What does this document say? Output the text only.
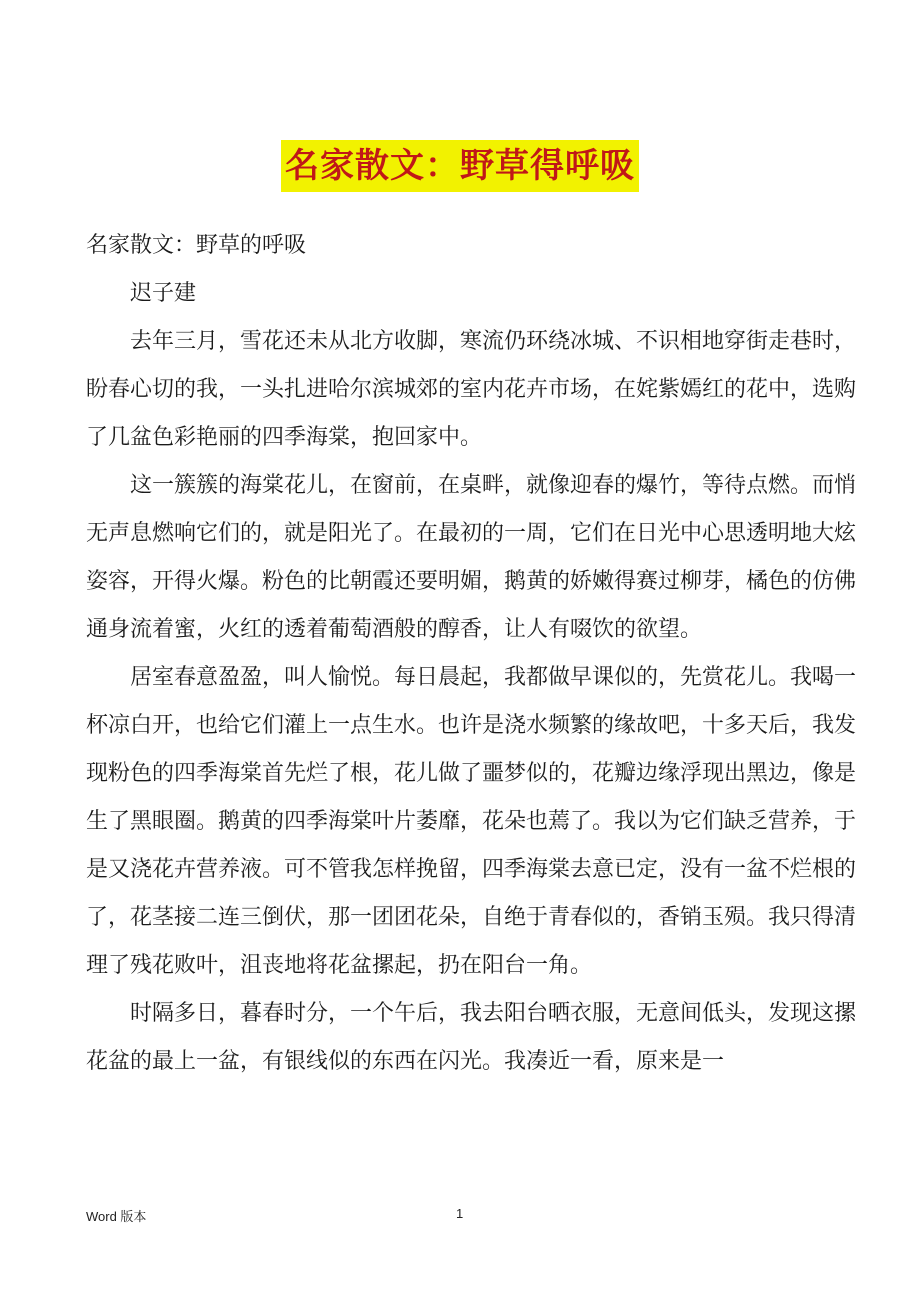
名家散文：野草得呼吸

名家散文：野草的呼吸

迟子建

去年三月，雪花还未从北方收脚，寒流仍环绕冰城、不识相地穿街走巷时，盼春心切的我，一头扎进哈尔滨城郊的室内花卉市场，在姹紫嫣红的花中，选购了几盆色彩艳丽的四季海棠，抱回家中。

这一簇簇的海棠花儿，在窗前，在桌畔，就像迎春的爆竹，等待点燃。而悄无声息燃响它们的，就是阳光了。在最初的一周，它们在日光中心思透明地大炫姿容，开得火爆。粉色的比朝霞还要明媚，鹅黄的娇嫩得赛过柳芽，橘色的仿佛通身流着蜜，火红的透着葡萄酒般的醇香，让人有啜饮的欲望。

居室春意盈盈，叫人愉悦。每日晨起，我都做早课似的，先赏花儿。我喝一杯凉白开，也给它们灌上一点生水。也许是浇水频繁的缘故吧，十多天后，我发现粉色的四季海棠首先烂了根，花儿做了噩梦似的，花瓣边缘浮现出黑边，像是生了黑眼圈。鹅黄的四季海棠叶片萎靡，花朵也蔫了。我以为它们缺乏营养，于是又浇花卉营养液。可不管我怎样挽留，四季海棠去意已定，没有一盆不烂根的了，花茎接二连三倒伏，那一团团花朵，自绝于青春似的，香销玉殒。我只得清理了残花败叶，沮丧地将花盆摞起，扔在阳台一角。

时隔多日，暮春时分，一个午后，我去阳台晒衣服，无意间低头，发现这摞花盆的最上一盆，有银线似的东西在闪光。我凑近一看，原来是一

Word 版本	1
